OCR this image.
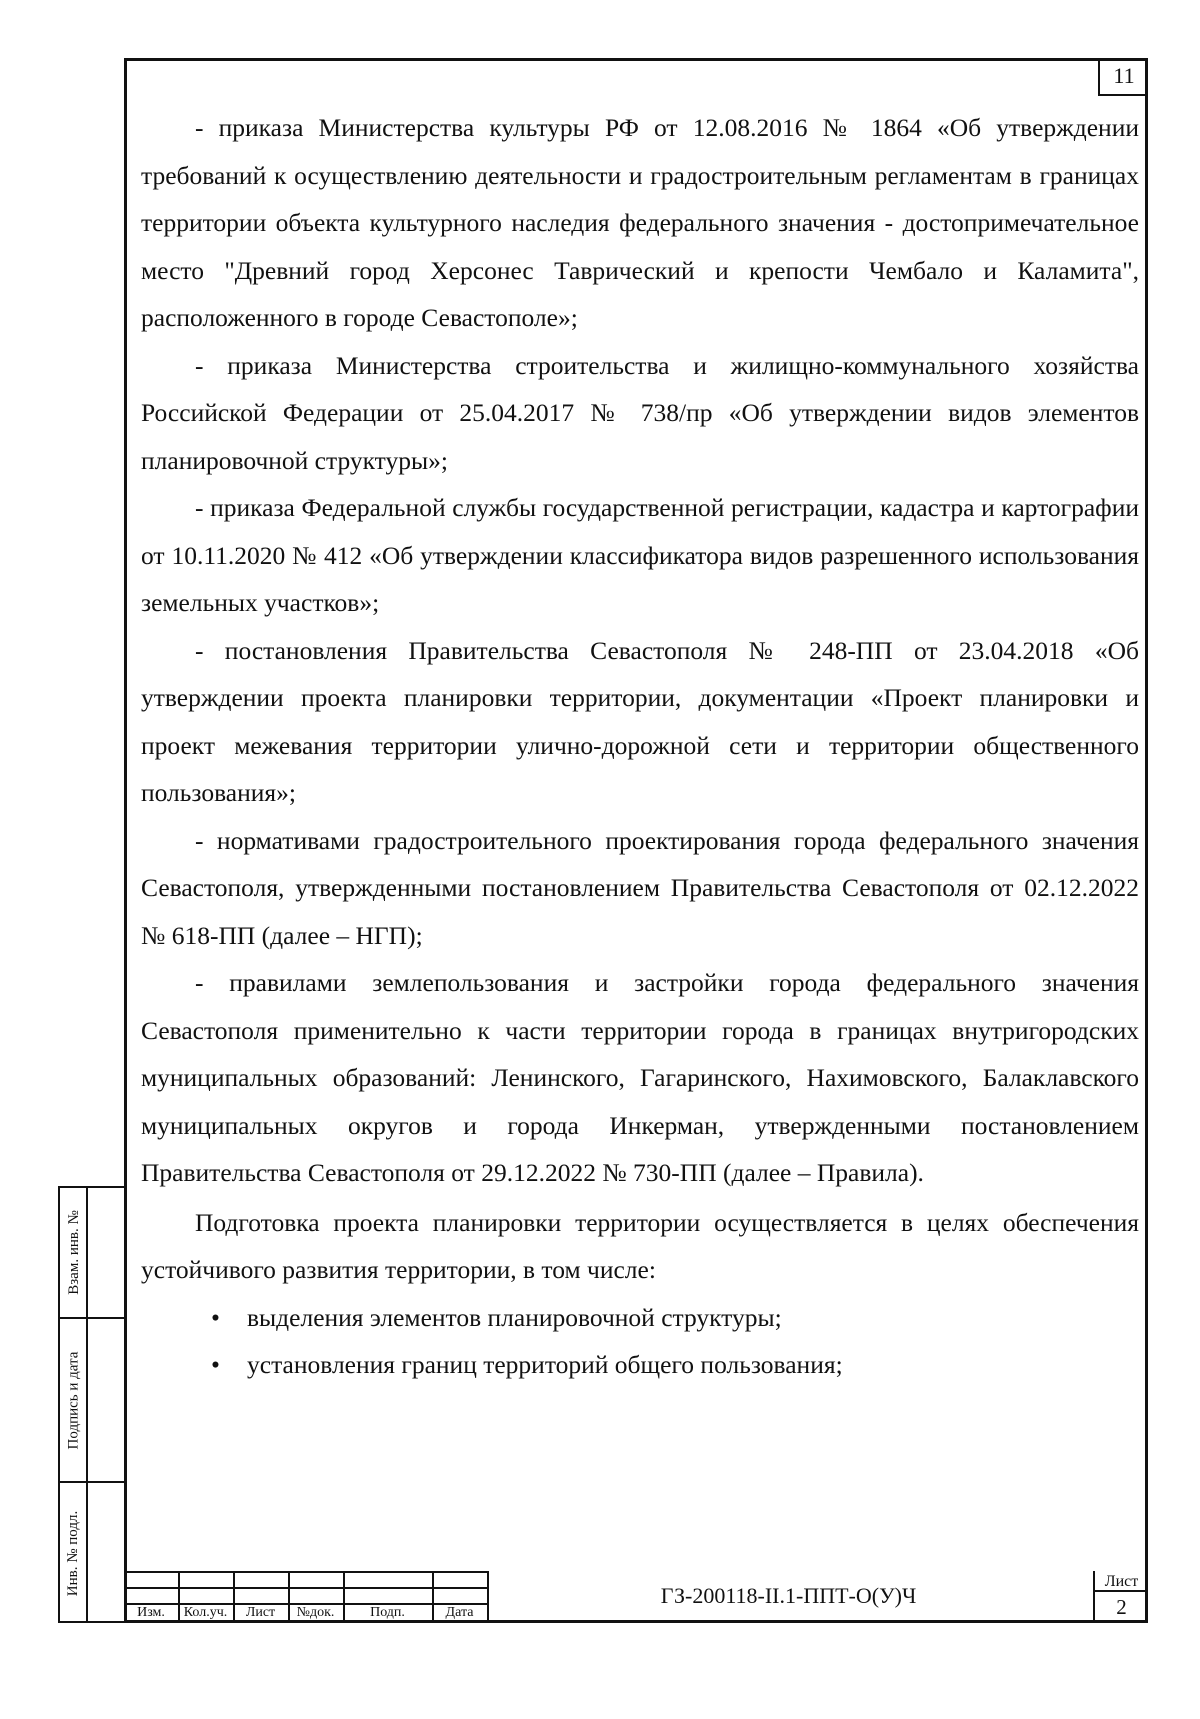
11

- приказа Министерства культуры РФ от 12.08.2016 № 1864 «Об утверждении требований к осуществлению деятельности и градостроительным регламентам в границах территории объекта культурного наследия федерального значения - достопримечательное место "Древний город Херсонес Таврический и крепости Чембало и Каламита", расположенного в городе Севастополе»;

- приказа Министерства строительства и жилищно-коммунального хозяйства Российской Федерации от 25.04.2017 № 738/пр «Об утверждении видов элементов планировочной структуры»;

- приказа Федеральной службы государственной регистрации, кадастра и картографии от 10.11.2020 № 412 «Об утверждении классификатора видов разрешенного использования земельных участков»;

- постановления Правительства Севастополя № 248-ПП от 23.04.2018 «Об утверждении проекта планировки территории, документации «Проект планировки и проект межевания территории улично-дорожной сети и территории общественного пользования»;

- нормативами градостроительного проектирования города федерального значения Севастополя, утвержденными постановлением Правительства Севастополя от 02.12.2022 № 618-ПП (далее – НГП);

- правилами землепользования и застройки города федерального значения Севастополя применительно к части территории города в границах внутригородских муниципальных образований: Ленинского, Гагаринского, Нахимовского, Балаклавского муниципальных округов и города Инкерман, утвержденными постановлением Правительства Севастополя от 29.12.2022 № 730-ПП (далее – Правила).

Подготовка проекта планировки территории осуществляется в целях обеспечения устойчивого развития территории, в том числе:

• выделения элементов планировочной структуры;
• установления границ территорий общего пользования;
Взам. инв. №
Подпись и дата
Инв. № подл.
Изм.	Кол.уч.	Лист	№док.	Подп.	Дата
ГЗ-200118-II.1-ППТ-О(У)Ч
Лист
2
